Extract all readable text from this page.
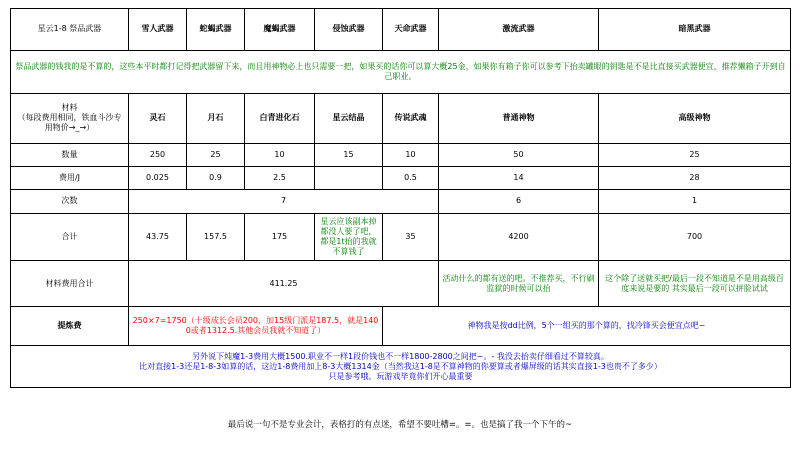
星云1-8 祭品武器	雪人武器	蛇蝎武器	魔蝎武器	侵蚀武器	天命武器	激流武器	暗黑武器
祭品武器的钱我的是不算的，这些本平时都打记得把武器留下来，而且用神物必上也只需要一把，如果买的话你可以算大概25金，如果你有箱子你可以参考下抬卖罐眼的钥匙是不是比直接买武器便宜，推荐懒箱子开到自己职业。							
材料
（每段费用相同，铁血斗沙专用物价→_→）	灵石	月石	白青进化石	星云结晶	传说武魂	普通神物	高级神物
数量	250	25	10	15	10	50	25
费用/J	0.025	0.9	2.5		0.5	14	28
次数	7					6	1
合计	43.75	157.5	175	星云应该副本掉都没人要了吧，都是1t抬的我就不算钱了	35	4200	700
材料费用合计	411.25					活动什么的都有送的吧。不推荐买，不行刷监狱的时候可以抬	这个除了送就买把/最后一段不知道是不是用高级百度来说是要的 其实最后一段可以拼脸试试
提炼费	250×7=1750（十级成长会员200，加15级门派是187.5，就是1400或者1312.5.其他会员我就不知道了）				神物我是按dd比例，5个一组买的那个算的，找冷锋买会便宜点吧~		

另外说下炖魔1-3费用大概1500.职业不一样1段价钱也不一样1800-2800之间把~。- 我没去抬卖仔细看过不算较真。
比对直接1-3还是1-8-3如算的话，这边1-8费用加上8-3大概1314金（当然我这1-8是不算神物的你要算或者爆屏级的话其实直接1-3也贵不了多少）
只是参考哦。玩游戏毕竟你们开心最重要							
最后说一句不是专业会计，表格打的有点迷，希望不要吐槽=。=。也是搞了我一个下午的~
